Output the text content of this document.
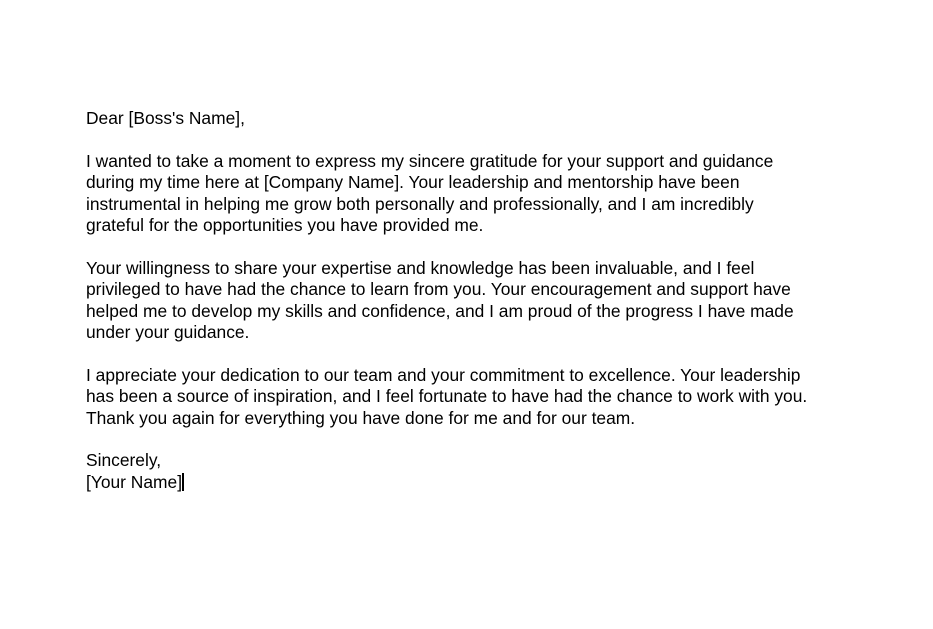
Dear [Boss's Name],

I wanted to take a moment to express my sincere gratitude for your support and guidance
during my time here at [Company Name]. Your leadership and mentorship have been
instrumental in helping me grow both personally and professionally, and I am incredibly
grateful for the opportunities you have provided me.

Your willingness to share your expertise and knowledge has been invaluable, and I feel
privileged to have had the chance to learn from you. Your encouragement and support have
helped me to develop my skills and confidence, and I am proud of the progress I have made
under your guidance.

I appreciate your dedication to our team and your commitment to excellence. Your leadership
has been a source of inspiration, and I feel fortunate to have had the chance to work with you.
Thank you again for everything you have done for me and for our team.

Sincerely,
[Your Name]
